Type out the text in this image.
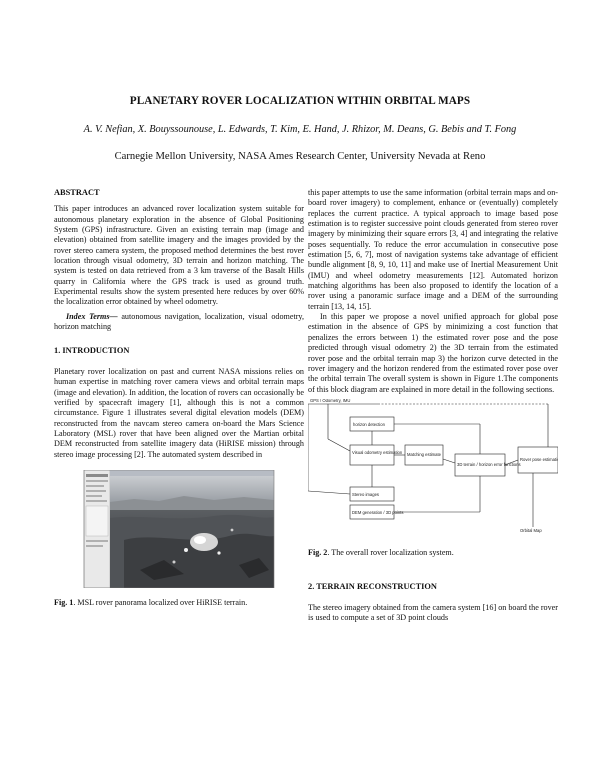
PLANETARY ROVER LOCALIZATION WITHIN ORBITAL MAPS
A. V. Nefian, X. Bouyssounouse, L. Edwards, T. Kim, E. Hand, J. Rhizor, M. Deans, G. Bebis and T. Fong
Carnegie Mellon University, NASA Ames Research Center, University Nevada at Reno

ABSTRACT

This paper introduces an advanced rover localization system suitable for autonomous planetary exploration in the absence of Global Positioning System (GPS) infrastructure. Given an existing terrain map (image and elevation) obtained from satellite imagery and the images provided by the rover stereo camera system, the proposed method determines the best rover location through visual odometry, 3D terrain and horizon matching. The system is tested on data retrieved from a 3 km traverse of the Basalt Hills quarry in California where the GPS track is used as ground truth. Experimental results show the system presented here reduces by over 60% the localization error obtained by wheel odometry.

Index Terms— autonomous navigation, localization, visual odometry, horizon matching

1. INTRODUCTION

Planetary rover localization on past and current NASA missions relies on human expertise in matching rover camera views and orbital terrain maps (image and elevation). In addition, the location of rovers can occasionally be verified by spacecraft imagery [1], although this is not a common circumstance. Figure 1 illustrates several digital elevation models (DEM) reconstructed from the navcam stereo camera on-board the Mars Science Laboratory (MSL) rover that have been aligned over the Martian orbital DEM reconstructed from satellite imagery data (HiRISE mission) through stereo image processing [2]. The automated system described in

Fig. 1. MSL rover panorama localized over HiRISE terrain.

this paper attempts to use the same information (orbital terrain maps and on-board rover imagery) to complement, enhance or (eventually) completely replaces the current practice. A typical approach to image based pose estimation is to register successive point clouds generated from stereo rover imagery by minimizing their square errors [3, 4] and integrating the relative poses sequentially. To reduce the error accumulation in consecutive pose estimation [5, 6, 7], most of navigation systems take advantage of efficient bundle alignment [8, 9, 10, 11] and make use of Inertial Measurement Unit (IMU) and wheel odometry measurements [12]. Automated horizon matching algorithms has been also proposed to identify the location of a rover using a panoramic surface image and a DEM of the surrounding terrain [13, 14, 15].

In this paper we propose a novel unified approach for global pose estimation in the absence of GPS by minimizing a cost function that penalizes the errors between 1) the estimated rover pose and the pose predicted through visual odometry 2) the 3D terrain from the estimated rover pose and the orbital terrain map 3) the horizon curve detected in the rover imagery and the horizon rendered from the estimated rover pose over the orbital terrain The overall system is shown in Figure 1.The components of this block diagram are explained in more detail in the following sections.

GPS / Odometry, IMU
horizon detection
Visual odometry estimation Matching estimate
3D terrain / horizon error functions
Rover pose estimation
Stereo images
DEM generation / 3D points
Orbital Map

Fig. 2. The overall rover localization system.

2. TERRAIN RECONSTRUCTION

The stereo imagery obtained from the camera system [16] on board the rover is used to compute a set of 3D point clouds
